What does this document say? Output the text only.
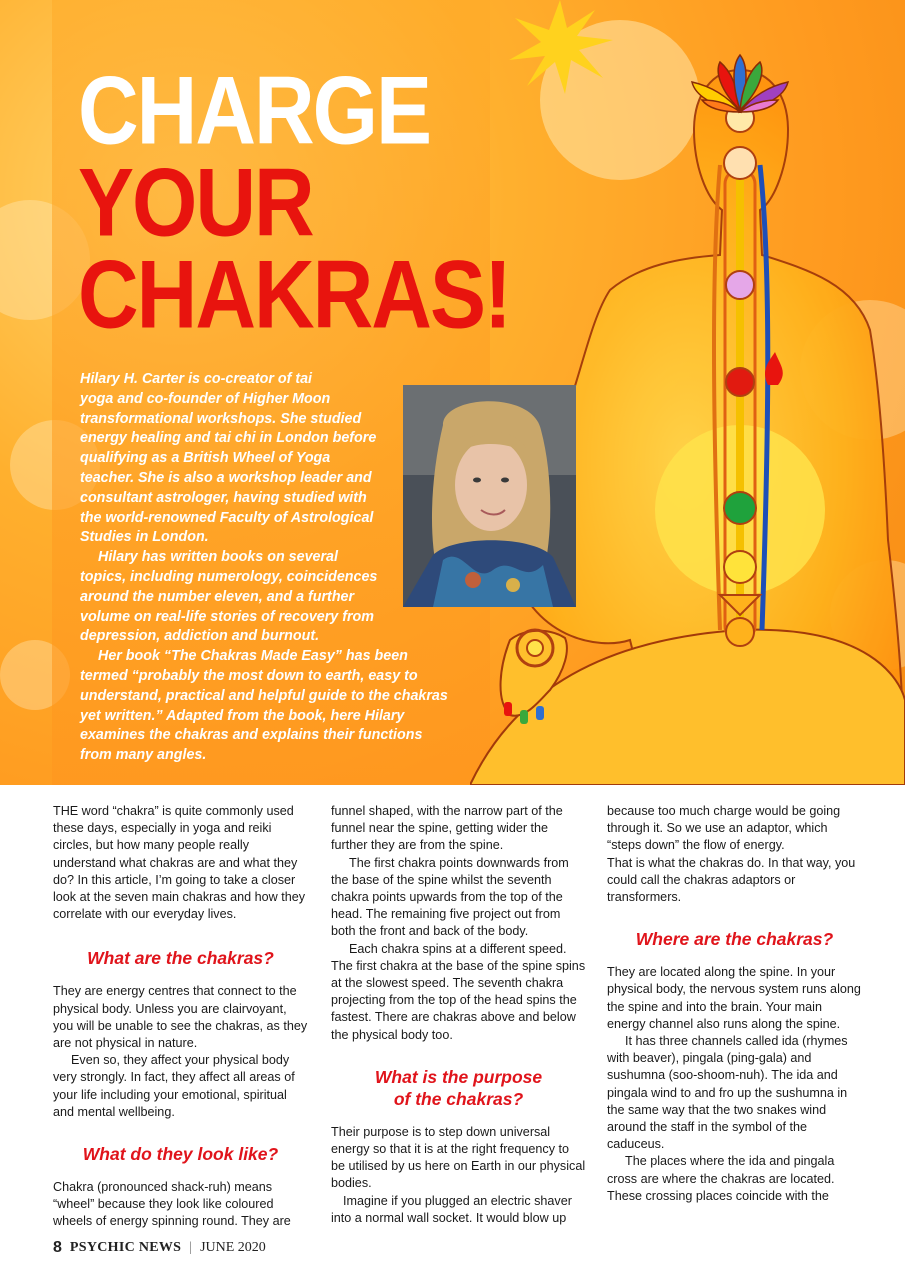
CHARGE
YOUR
CHAKRAS!

Hilary H. Carter is co-creator of tai

yoga and co-founder of Higher Moon transformational workshops. She studied energy healing and tai chi in London before qualifying as a British Wheel of Yoga teacher. She is also a workshop leader and consultant astrologer, having studied with the world-renowned Faculty of Astrological Studies in London.

Hilary has written books on several topics, including numerology, coincidences around the number eleven, and a further volume on real-life stories of recovery from depression, addiction and burnout.

Her book “The Chakras Made Easy” has been termed “probably the most down to earth, easy to understand, practical and helpful guide to the chakras yet written.” Adapted from the book, here Hilary examines the chakras and explains their functions from many angles.

THE word “chakra” is quite commonly used these days, especially in yoga and reiki circles, but how many people really understand what chakras are and what they do? In this article, I’m going to take a closer look at the seven main chakras and how they correlate with our everyday lives.

What are the chakras?

They are energy centres that connect to the physical body. Unless you are clairvoyant, you will be unable to see the chakras, as they are not physical in nature.

Even so, they affect your physical body very strongly. In fact, they affect all areas of your life including your emotional, spiritual and mental wellbeing.

What do they look like?

Chakra (pronounced shack-ruh) means “wheel” because they look like coloured wheels of energy spinning round. They are

funnel shaped, with the narrow part of the funnel near the spine, getting wider the further they are from the spine.

The first chakra points downwards from the base of the spine whilst the seventh chakra points upwards from the top of the head. The remaining five project out from both the front and back of the body.

Each chakra spins at a different speed. The first chakra at the base of the spine spins at the slowest speed. The seventh chakra projecting from the top of the head spins the fastest. There are chakras above and below the physical body too.

What is the purpose
of the chakras?

Their purpose is to step down universal energy so that it is at the right frequency to be utilised by us here on Earth in our physical bodies.

Imagine if you plugged an electric shaver into a normal wall socket. It would blow up

because too much charge would be going through it. So we use an adaptor, which “steps down” the flow of energy.

That is what the chakras do. In that way, you could call the chakras adaptors or transformers.

Where are the chakras?

They are located along the spine. In your physical body, the nervous system runs along the spine and into the brain. Your main energy channel also runs along the spine.

It has three channels called ida (rhymes with beaver), pingala (ping-gala) and sushumna (soo-shoom-nuh). The ida and pingala wind to and fro up the sushumna in the same way that the two snakes wind around the staff in the symbol of the caduceus.

The places where the ida and pingala cross are where the chakras are located. These crossing places coincide with the

8 PSYCHIC NEWS | JUNE 2020
